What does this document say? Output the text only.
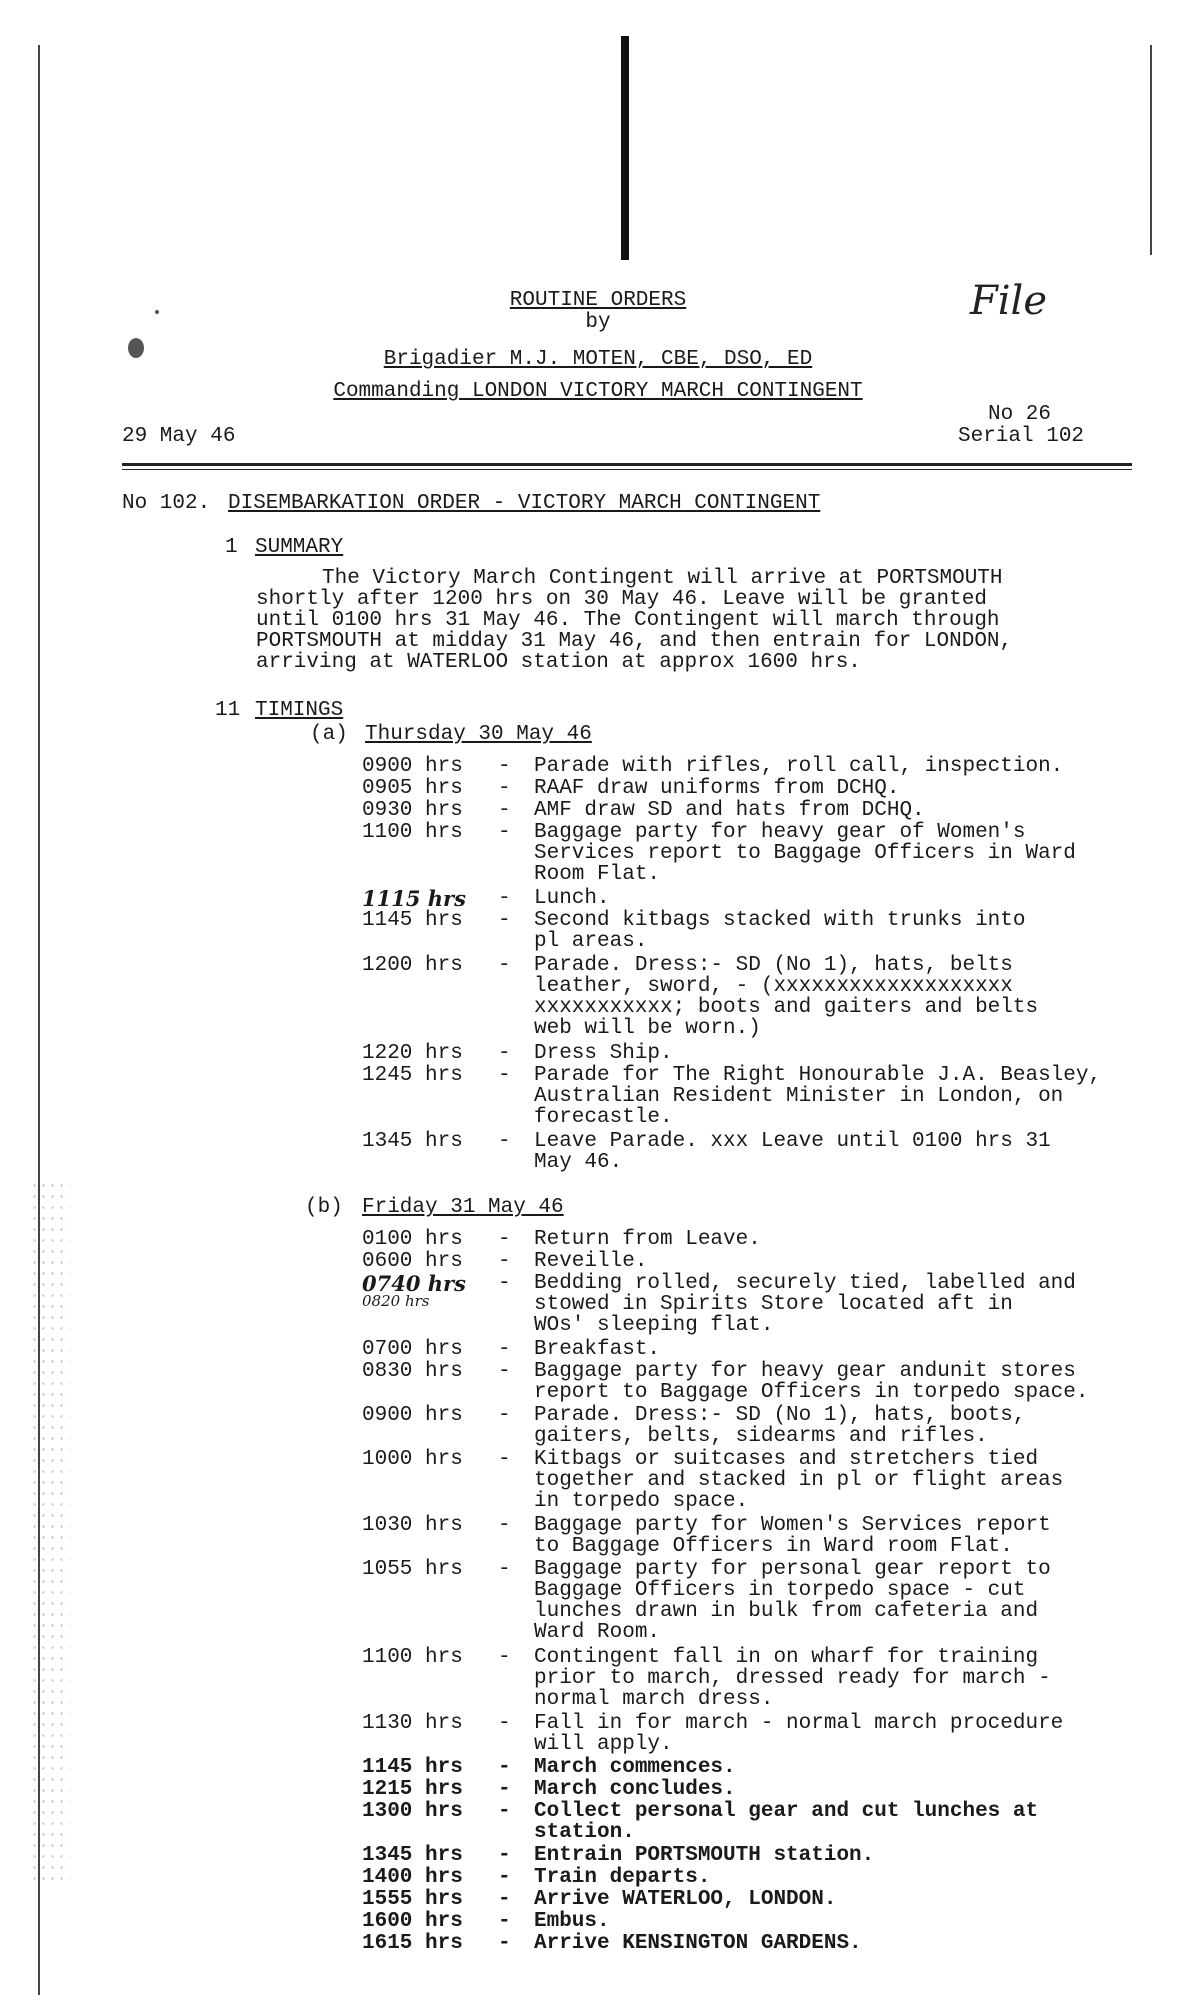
ROUTINE ORDERS
by
Brigadier M.J. MOTEN, CBE, DSO, ED
Commanding LONDON VICTORY MARCH CONTINGENT
File
29 May 46
No 26
Serial 102
No 102. DISEMBARKATION ORDER - VICTORY MARCH CONTINGENT
1 SUMMARY
The Victory March Contingent will arrive at PORTSMOUTH
shortly after 1200 hrs on 30 May 46. Leave will be granted
until 0100 hrs 31 May 46. The Contingent will march through
PORTSMOUTH at midday 31 May 46, and then entrain for LONDON,
arriving at WATERLOO station at approx 1600 hrs.
11 TIMINGS
(a) Thursday 30 May 46
0900 hrs - Parade with rifles, roll call, inspection.
0905 hrs - RAAF draw uniforms from DCHQ.
0930 hrs - AMF draw SD and hats from DCHQ.
1100 hrs - Baggage party for heavy gear of Women's
Services report to Baggage Officers in Ward
Room Flat.
1115 hrs - Lunch.
1145 hrs - Second kitbags stacked with trunks into
pl areas.
1200 hrs - Parade. Dress:- SD (No 1), hats, belts
leather, sword, - (xxxxxxxxxxxxxxxxxxx
xxxxxxxxxxx; boots and gaiters and belts
web will be worn.)
1220 hrs - Dress Ship.
1245 hrs - Parade for The Right Honourable J.A. Beasley,
Australian Resident Minister in London, on
forecastle.
1345 hrs - Leave Parade. xxx Leave until 0100 hrs 31
May 46.
(b) Friday 31 May 46
0100 hrs - Return from Leave.
0600 hrs - Reveille.
0740 hrs
0820 hrs
- Bedding rolled, securely tied, labelled and
stowed in Spirits Store located aft in
WOs' sleeping flat.
0700 hrs - Breakfast.
0830 hrs - Baggage party for heavy gear andunit stores
report to Baggage Officers in torpedo space.
0900 hrs - Parade. Dress:- SD (No 1), hats, boots,
gaiters, belts, sidearms and rifles.
1000 hrs - Kitbags or suitcases and stretchers tied
together and stacked in pl or flight areas
in torpedo space.
1030 hrs - Baggage party for Women's Services report
to Baggage Officers in Ward room Flat.
1055 hrs - Baggage party for personal gear report to
Baggage Officers in torpedo space - cut
lunches drawn in bulk from cafeteria and
Ward Room.
1100 hrs - Contingent fall in on wharf for training
prior to march, dressed ready for march -
normal march dress.
1130 hrs - Fall in for march - normal march procedure
will apply.
1145 hrs - March commences.
1215 hrs - March concludes.
1300 hrs - Collect personal gear and cut lunches at
station.
1345 hrs - Entrain PORTSMOUTH station.
1400 hrs - Train departs.
1555 hrs - Arrive WATERLOO, LONDON.
1600 hrs - Embus.
1615 hrs - Arrive KENSINGTON GARDENS.
